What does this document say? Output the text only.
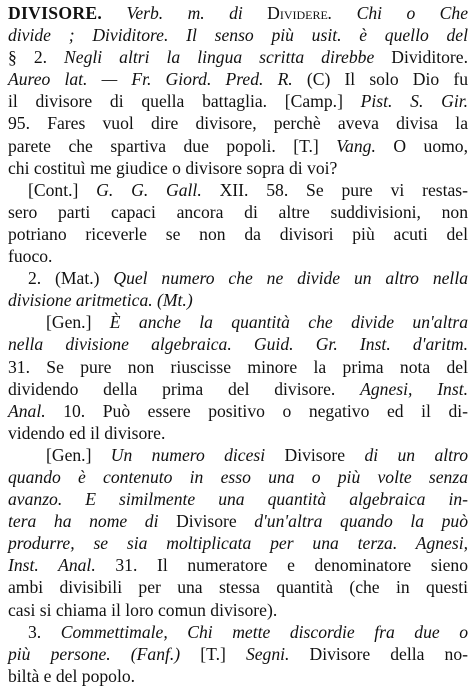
DIVISORE. Verb. m. di Dividere. Chi o Che
divide ; Dividitore. Il senso più usit. è quello del
§ 2. Negli altri la lingua scritta direbbe Dividitore.
Aureo lat. — Fr. Giord. Pred. R. (C) Il solo Dio fu
il divisore di quella battaglia. [Camp.] Pist. S. Gir.
95. Fares vuol dire divisore, perchè aveva divisa la
parete che spartiva due popoli. [T.] Vang. O uomo,
chi costituì me giudice o divisore sopra di voi?
[Cont.] G. G. Gall. XII. 58. Se pure vi restas-
sero parti capaci ancora di altre suddivisioni, non
potriano riceverle se non da divisori più acuti del
fuoco.
2. (Mat.) Quel numero che ne divide un altro nella
divisione aritmetica. (Mt.)
[Gen.] È anche la quantità che divide un'altra
nella divisione algebraica. Guid. Gr. Inst. d'aritm.
31. Se pure non riuscisse minore la prima nota del
dividendo della prima del divisore. Agnesi, Inst.
Anal. 10. Può essere positivo o negativo ed il di-
videndo ed il divisore.
[Gen.] Un numero dicesi Divisore di un altro
quando è contenuto in esso una o più volte senza
avanzo. E similmente una quantità algebraica in-
tera ha nome di Divisore d'un'altra quando la può
produrre, se sia moltiplicata per una terza. Agnesi,
Inst. Anal. 31. Il numeratore e denominatore sieno
ambi divisibili per una stessa quantità (che in questi
casi si chiama il loro comun divisore).
3. Commettimale, Chi mette discordie fra due o
più persone. (Fanf.) [T.] Segni. Divisore della no-
biltà e del popolo.
